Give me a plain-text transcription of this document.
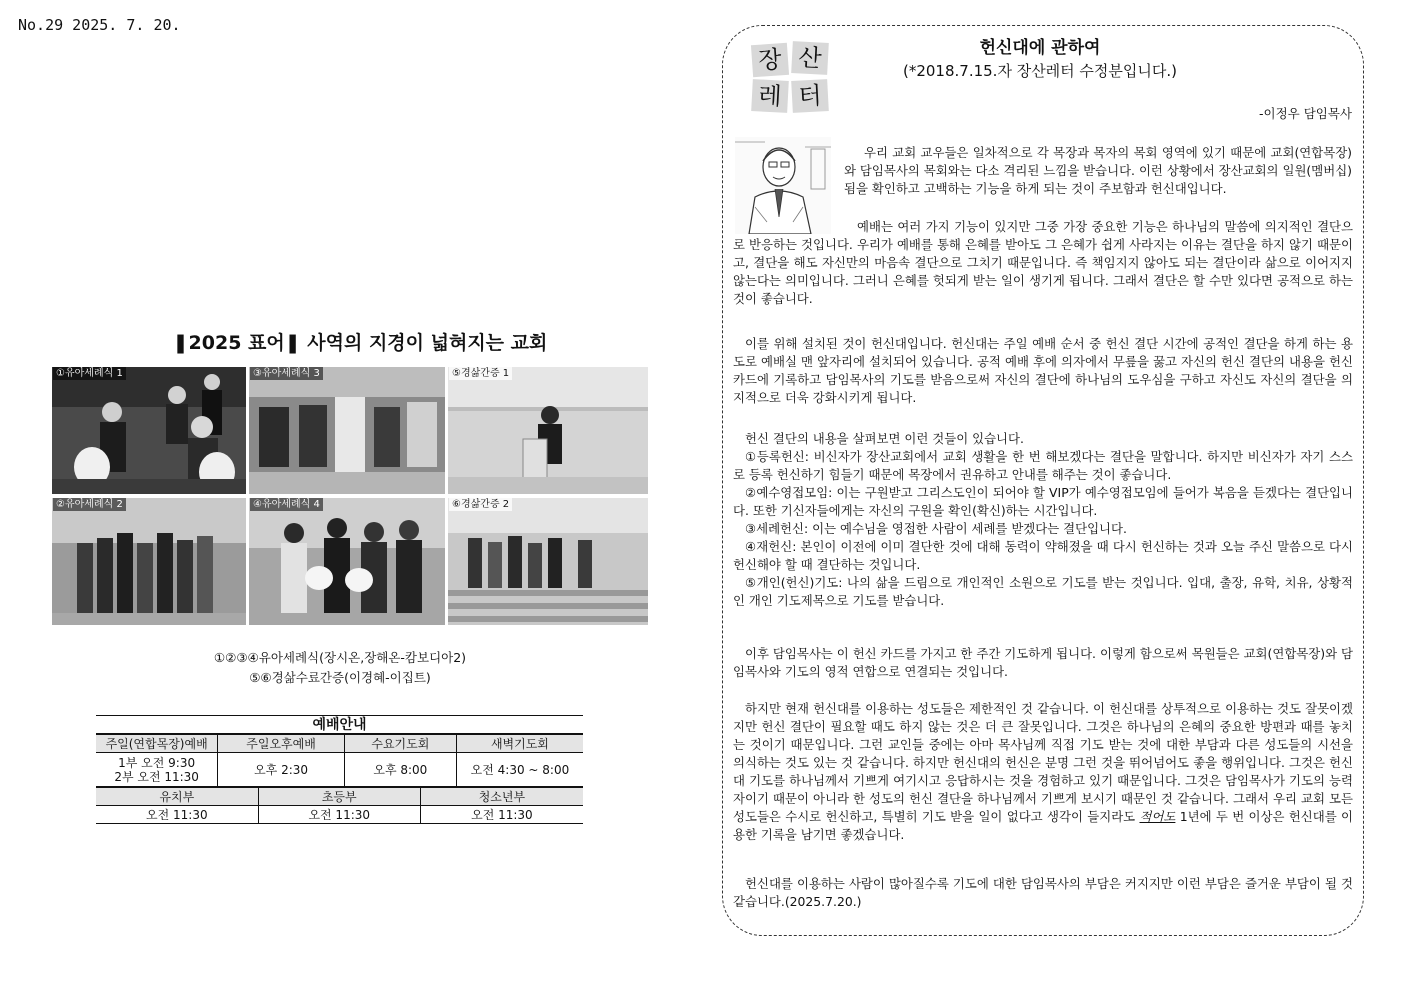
No.29 2025. 7. 20.
❚2025 표어❚ 사역의 지경이 넓혀지는 교회
①유아세례식 1	③유아세례식 3	⑤경삶간증 1
②유아세례식 2	④유아세례식 4	⑥경삶간증 2
①②③④유아세례식(장시온,장해온-캄보디아2)
⑤⑥경삶수료간증(이경혜-이집트)
예배안내
주일(연합목장)예배	주일오후예배	수요기도회	새벽기도회

1부 오전 9:30
2부 오전 11:30	오후 2:30	오후 8:00	오전 4:30 ~ 8:00
유치부	초등부	청소년부
오전 11:30	오전 11:30	오전 11:30
장 산
레 터
헌신대에 관하여
(*2018.7.15.자 장산레터 수정분입니다.)
-이정우 담임목사
우리 교회 교우들은 일차적으로 각 목장과 목자의 목회 영역에 있기 때문에 교회(연합목장)와 담임목사의 목회와는 다소 격리된 느낌을 받습니다. 이런 상황에서 장산교회의 일원(멤버십)됨을 확인하고 고백하는 기능을 하게 되는 것이 주보함과 헌신대입니다.
예배는 여러 가지 기능이 있지만 그중 가장 중요한 기능은 하나님의 말씀에 의지적인 결단으로 반응하는 것입니다. 우리가 예배를 통해 은혜를 받아도 그 은혜가 쉽게 사라지는 이유는 결단을 하지 않기 때문이고, 결단을 해도 자신만의 마음속 결단으로 그치기 때문입니다. 즉 책임지지 않아도 되는 결단이라 삶으로 이어지지 않는다는 의미입니다. 그러니 은혜를 헛되게 받는 일이 생기게 됩니다. 그래서 결단은 할 수만 있다면 공적으로 하는 것이 좋습니다.
이를 위해 설치된 것이 헌신대입니다. 헌신대는 주일 예배 순서 중 헌신 결단 시간에 공적인 결단을 하게 하는 용도로 예배실 맨 앞자리에 설치되어 있습니다. 공적 예배 후에 의자에서 무릎을 꿇고 자신의 헌신 결단의 내용을 헌신 카드에 기록하고 담임목사의 기도를 받음으로써 자신의 결단에 하나님의 도우심을 구하고 자신도 자신의 결단을 의지적으로 더욱 강화시키게 됩니다.
헌신 결단의 내용을 살펴보면 이런 것들이 있습니다.
①등록헌신: 비신자가 장산교회에서 교회 생활을 한 번 해보겠다는 결단을 말합니다. 하지만 비신자가 자기 스스로 등록 헌신하기 힘들기 때문에 목장에서 권유하고 안내를 해주는 것이 좋습니다.
②예수영접모임: 이는 구원받고 그리스도인이 되어야 할 VIP가 예수영접모임에 들어가 복음을 듣겠다는 결단입니다. 또한 기신자들에게는 자신의 구원을 확인(확신)하는 시간입니다.
③세례헌신: 이는 예수님을 영접한 사람이 세례를 받겠다는 결단입니다.
④재헌신: 본인이 이전에 이미 결단한 것에 대해 동력이 약해졌을 때 다시 헌신하는 것과 오늘 주신 말씀으로 다시 헌신해야 할 때 결단하는 것입니다.
⑤개인(헌신)기도: 나의 삶을 드림으로 개인적인 소원으로 기도를 받는 것입니다. 입대, 출장, 유학, 치유, 상황적인 개인 기도제목으로 기도를 받습니다.
이후 담임목사는 이 헌신 카드를 가지고 한 주간 기도하게 됩니다. 이렇게 함으로써 목원들은 교회(연합목장)와 담임목사와 기도의 영적 연합으로 연결되는 것입니다.
하지만 현재 헌신대를 이용하는 성도들은 제한적인 것 같습니다. 이 헌신대를 상투적으로 이용하는 것도 잘못이겠지만 헌신 결단이 필요할 때도 하지 않는 것은 더 큰 잘못입니다. 그것은 하나님의 은혜의 중요한 방편과 때를 놓치는 것이기 때문입니다. 그런 교인들 중에는 아마 목사님께 직접 기도 받는 것에 대한 부담과 다른 성도들의 시선을 의식하는 것도 있는 것 같습니다. 하지만 헌신대의 헌신은 분명 그런 것을 뛰어넘어도 좋을 행위입니다. 그것은 헌신대 기도를 하나님께서 기쁘게 여기시고 응답하시는 것을 경험하고 있기 때문입니다. 그것은 담임목사가 기도의 능력자이기 때문이 아니라 한 성도의 헌신 결단을 하나님께서 기쁘게 보시기 때문인 것 같습니다. 그래서 우리 교회 모든 성도들은 수시로 헌신하고, 특별히 기도 받을 일이 없다고 생각이 들지라도 적어도 1년에 두 번 이상은 헌신대를 이용한 기록을 남기면 좋겠습니다.
헌신대를 이용하는 사람이 많아질수록 기도에 대한 담임목사의 부담은 커지지만 이런 부담은 즐거운 부담이 될 것 같습니다.(2025.7.20.)
